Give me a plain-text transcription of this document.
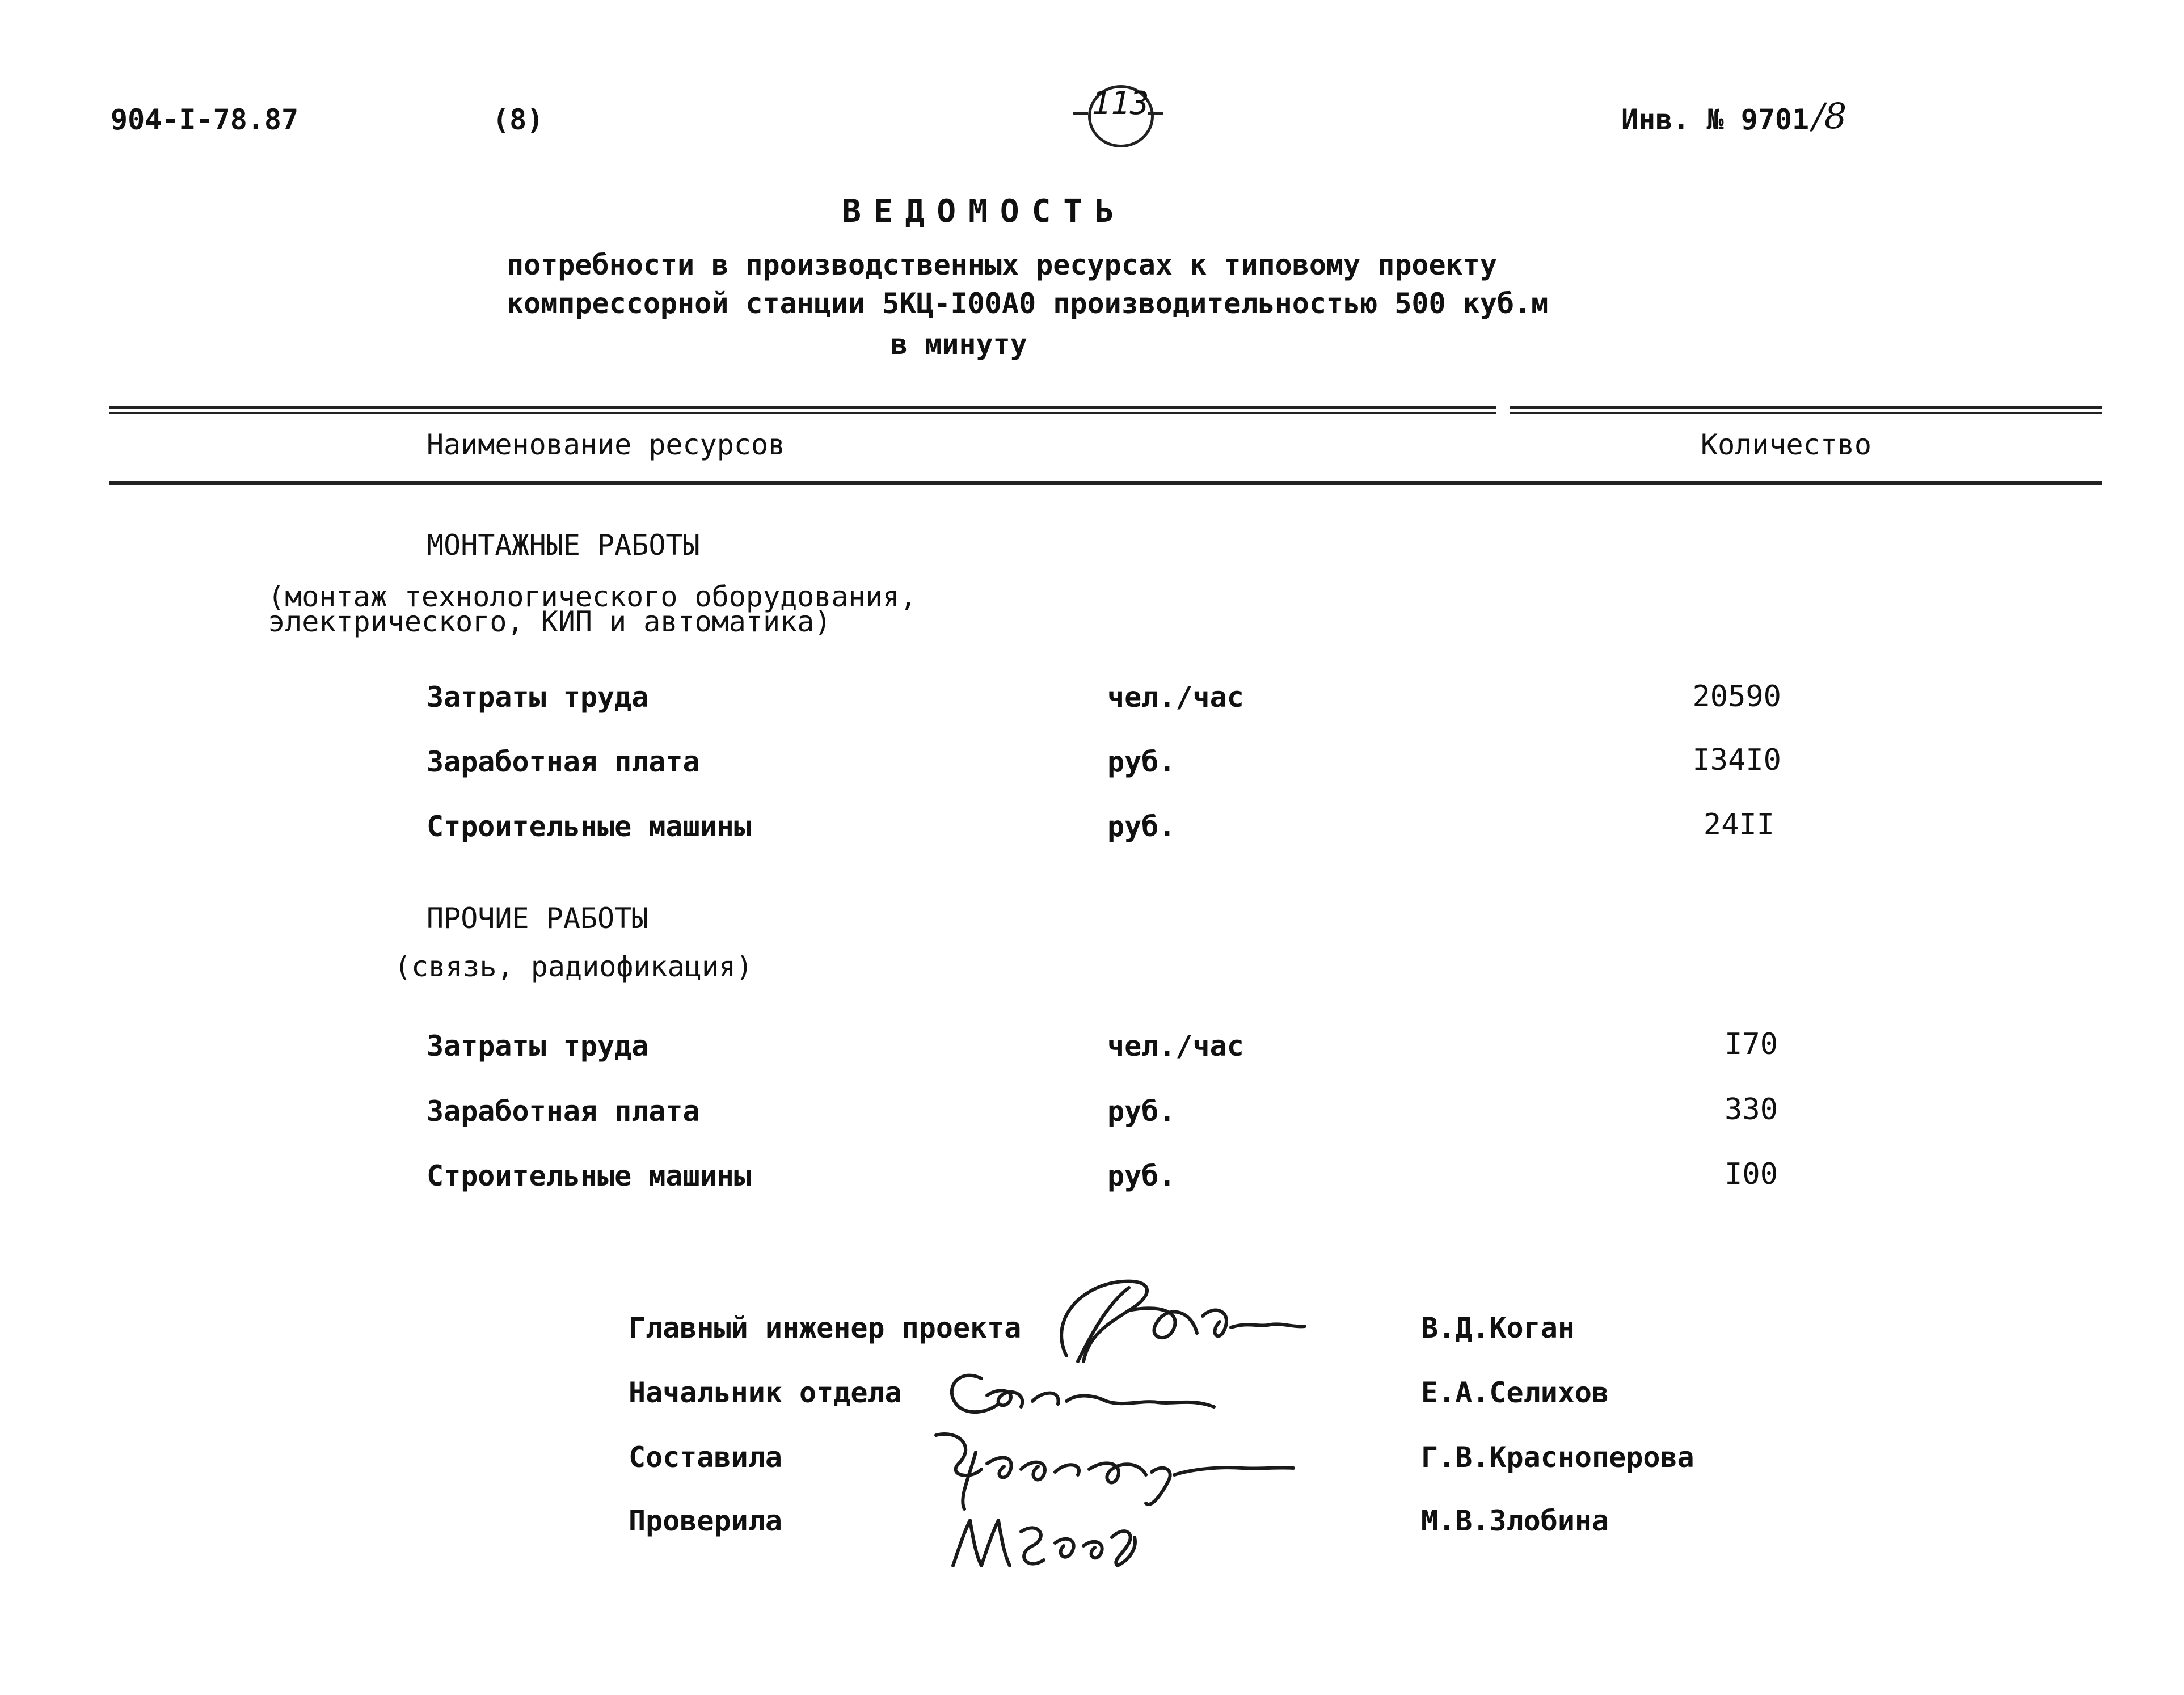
904-I-78.87	(8)	113	Инв. № 9701 /8
ВЕДОМОСТЬ
потребности в производственных ресурсах к типовому проекту
компрессорной станции 5КЦ-I00А0 производительностью 500 куб.м
в минуту
Наименование ресурсов	Количество
МОНТАЖНЫЕ РАБОТЫ
(монтаж технологического оборудования,
электрического, КИП и автоматика)
Затраты труда	чел./час	20590
Заработная плата	руб.	I34I0
Строительные машины	руб.	24II
ПРОЧИЕ РАБОТЫ
(связь, радиофикация)
Затраты труда	чел./час	I70
Заработная плата	руб.	330
Строительные машины	руб.	I00
Главный инженер проекта	В.Д.Коган
Начальник отдела	Е.А.Селихов
Составила	Г.В.Красноперова
Проверила	М.В.Злобина
